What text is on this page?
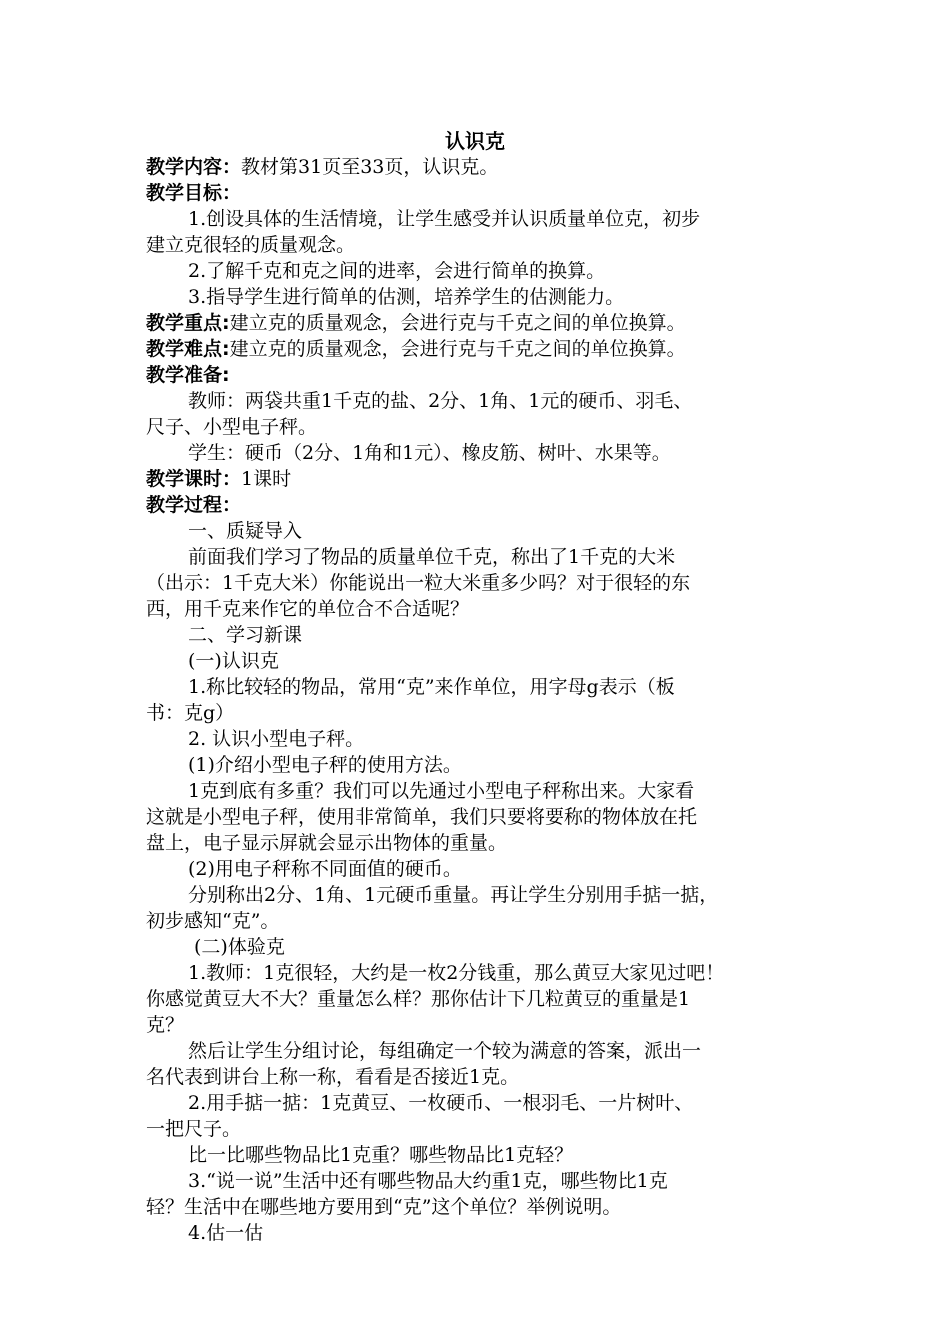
认识克
教学内容：教材第31页至33页，认识克。
教学目标：
1.创设具体的生活情境，让学生感受并认识质量单位克，初步
建立克很轻的质量观念。
2.了解千克和克之间的进率，会进行简单的换算。
3.指导学生进行简单的估测，培养学生的估测能力。
教学重点:建立克的质量观念，会进行克与千克之间的单位换算。
教学难点:建立克的质量观念，会进行克与千克之间的单位换算。
教学准备:
教师：两袋共重1千克的盐、2分、1角、1元的硬币、羽毛、
尺子、小型电子秤。
学生：硬币（2分、1角和1元）、橡皮筋、树叶、水果等。
教学课时：1课时
教学过程：
一、质疑导入
前面我们学习了物品的质量单位千克，称出了1千克的大米
（出示：1千克大米）你能说出一粒大米重多少吗？对于很轻的东
西，用千克来作它的单位合不合适呢？
二、学习新课
(一)认识克
1.称比较轻的物品，常用“克”来作单位，用字母g表示（板
书：克g）
2. 认识小型电子秤。
(1)介绍小型电子秤的使用方法。
1克到底有多重？我们可以先通过小型电子秤称出来。大家看
这就是小型电子秤，使用非常简单，我们只要将要称的物体放在托
盘上，电子显示屏就会显示出物体的重量。
(2)用电子秤称不同面值的硬币。
分别称出2分、1角、1元硬币重量。再让学生分别用手掂一掂，
初步感知“克”。
(二)体验克
1.教师：1克很轻，大约是一枚2分钱重，那么黄豆大家见过吧！
你感觉黄豆大不大？重量怎么样？那你估计下几粒黄豆的重量是1
克？
然后让学生分组讨论，每组确定一个较为满意的答案，派出一
名代表到讲台上称一称，看看是否接近1克。
2.用手掂一掂：1克黄豆、一枚硬币、一根羽毛、一片树叶、
一把尺子。
比一比哪些物品比1克重？哪些物品比1克轻？
3.“说一说”生活中还有哪些物品大约重1克，哪些物比1克
轻？生活中在哪些地方要用到“克”这个单位？举例说明。
4.估一估
